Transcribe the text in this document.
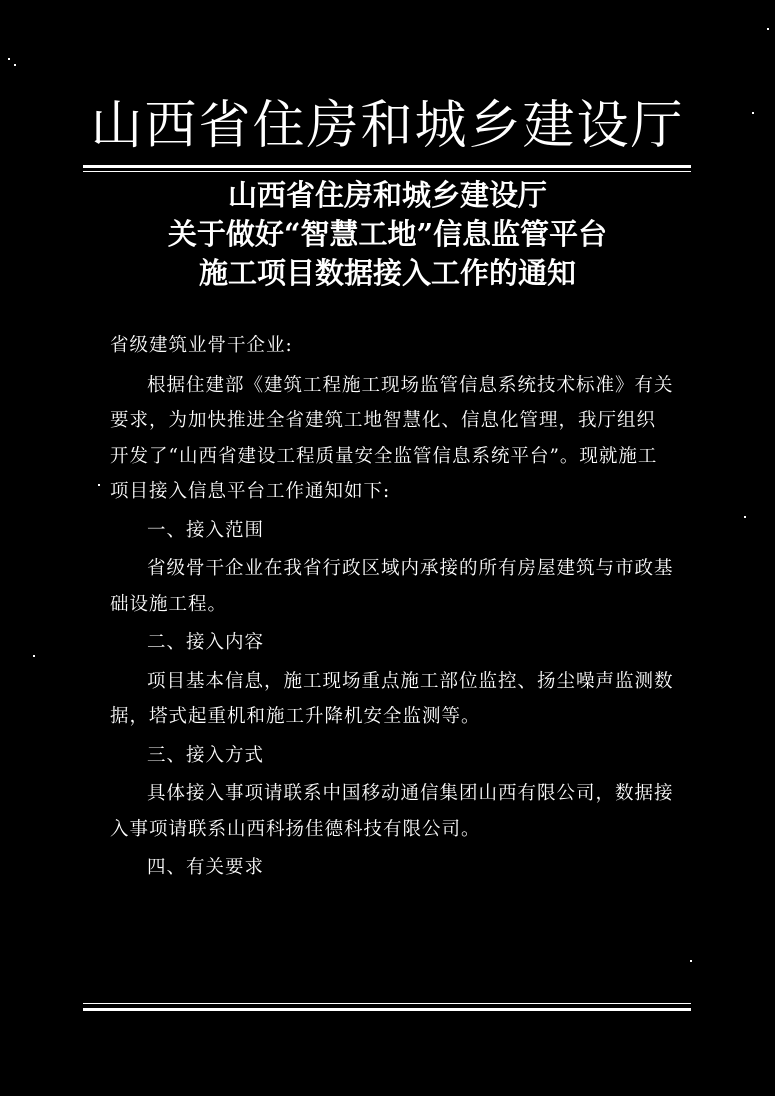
山西省住房和城乡建设厅
山西省住房和城乡建设厅
关于做好“智慧工地”信息监管平台
施工项目数据接入工作的通知

省级建筑业骨干企业:

根据住建部《建筑工程施工现场监管信息系统技术标准》有关要求，为加快推进全省建筑工地智慧化、信息化管理，我厅组织开发了“山西省建设工程质量安全监管信息系统平台”。现就施工项目接入信息平台工作通知如下:

一、接入范围

省级骨干企业在我省行政区域内承接的所有房屋建筑与市政基础设施工程。

二、接入内容

项目基本信息，施工现场重点施工部位监控、扬尘噪声监测数据，塔式起重机和施工升降机安全监测等。

三、接入方式

具体接入事项请联系中国移动通信集团山西有限公司，数据接入事项请联系山西科扬佳德科技有限公司。

四、有关要求
